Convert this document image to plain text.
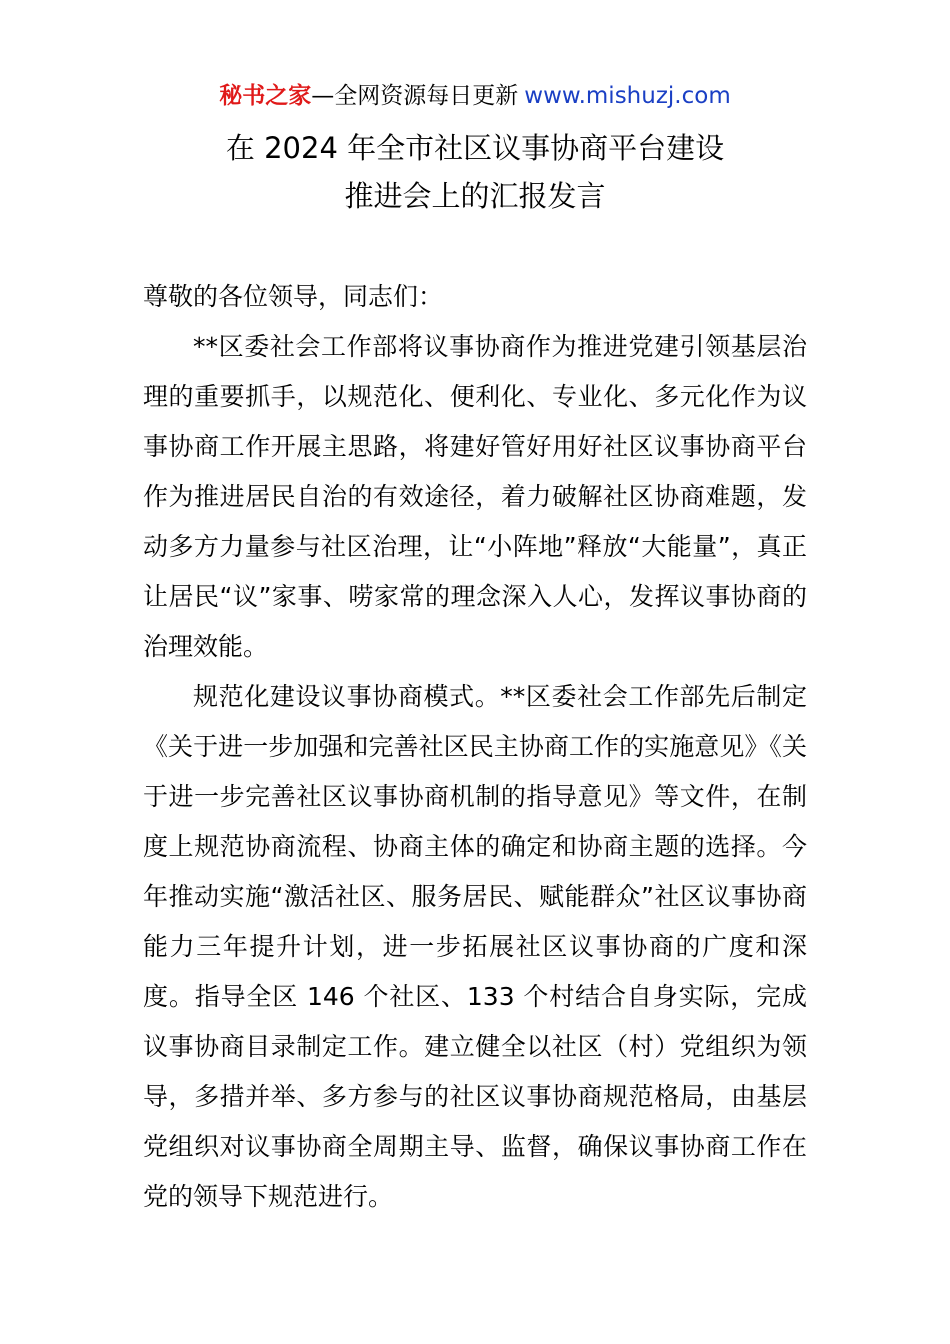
秘书之家—全网资源每日更新 www.mishuzj.com
在 2024 年全市社区议事协商平台建设
推进会上的汇报发言

尊敬的各位领导，同志们：

**区委社会工作部将议事协商作为推进党建引领基层治理的重要抓手，以规范化、便利化、专业化、多元化作为议事协商工作开展主思路，将建好管好用好社区议事协商平台作为推进居民自治的有效途径，着力破解社区协商难题，发动多方力量参与社区治理，让“小阵地”释放“大能量”，真正让居民“议”家事、唠家常的理念深入人心，发挥议事协商的治理效能。

规范化建设议事协商模式。**区委社会工作部先后制定《关于进一步加强和完善社区民主协商工作的实施意见》《关于进一步完善社区议事协商机制的指导意见》等文件，在制度上规范协商流程、协商主体的确定和协商主题的选择。今年推动实施“激活社区、服务居民、赋能群众”社区议事协商能力三年提升计划，进一步拓展社区议事协商的广度和深度。指导全区 146 个社区、133 个村结合自身实际，完成议事协商目录制定工作。建立健全以社区（村）党组织为领导，多措并举、多方参与的社区议事协商规范格局，由基层党组织对议事协商全周期主导、监督，确保议事协商工作在党的领导下规范进行。
